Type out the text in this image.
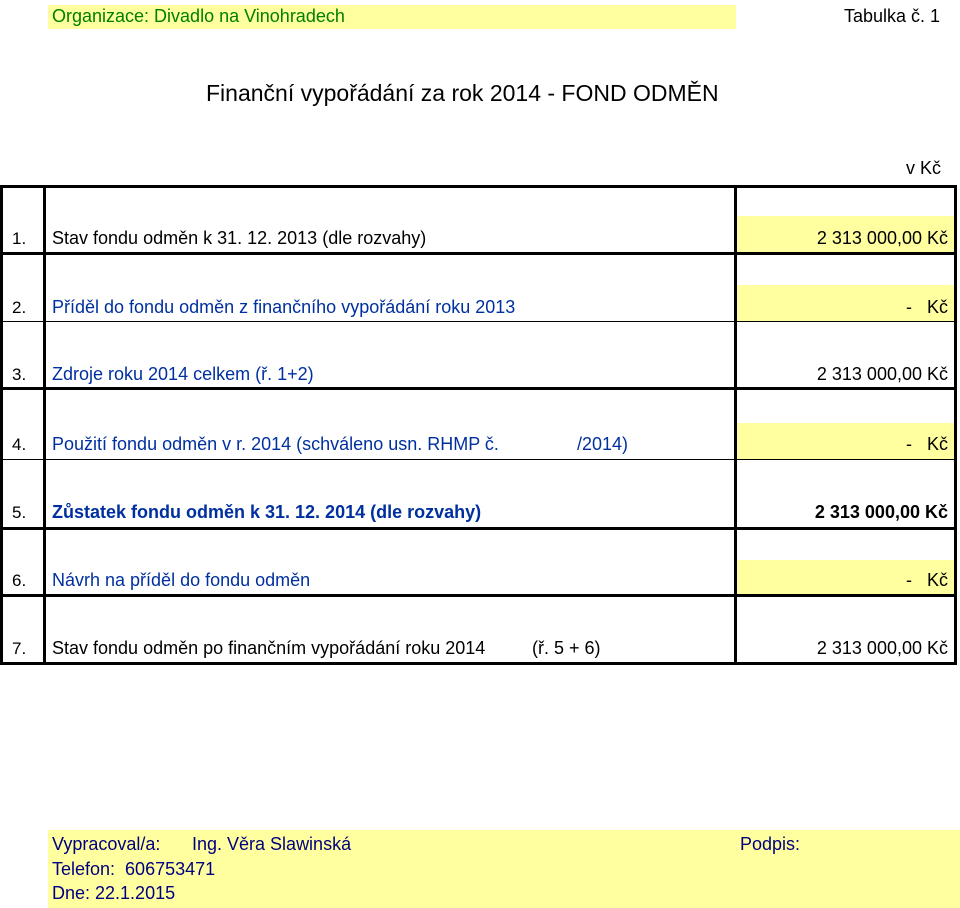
Organizace: Divadlo na Vinohradech	Tabulka č. 1
Finanční vypořádání za rok 2014 - FOND ODMĚN
v Kč
1. Stav fondu odměn k 31. 12. 2013 (dle rozvahy)	2 313 000,00 Kč
2. Příděl do fondu odměn z finančního vypořádání roku 2013	-   Kč
3. Zdroje roku 2014 celkem (ř. 1+2)	2 313 000,00 Kč
4. Použití fondu odměn v r. 2014 (schváleno usn. RHMP č.	/2014)	-   Kč
5. Zůstatek fondu odměn k 31. 12. 2014 (dle rozvahy)	2 313 000,00 Kč
6. Návrh na příděl do fondu odměn	-   Kč
7. Stav fondu odměn po finančním vypořádání roku 2014	(ř. 5 + 6)	2 313 000,00 Kč
Vypracoval/a: Ing. Věra Slawinská	Podpis:
Telefon:  606753471
Dne: 22.1.2015
